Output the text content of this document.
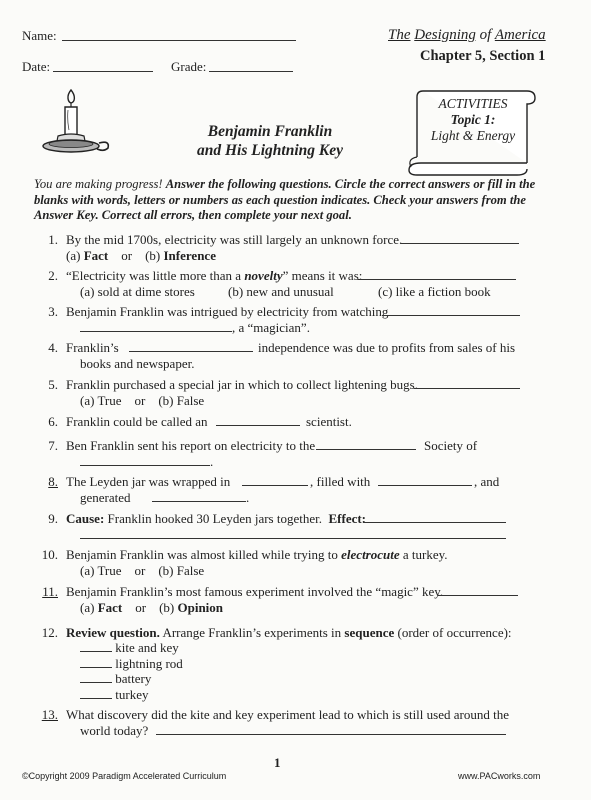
Name:
Date:	Grade:
The Designing of America
Chapter 5, Section 1
Benjamin Franklin
and His Lightning Key
ACTIVITIES
Topic 1:
Light & Energy
You are making progress! Answer the following questions. Circle the correct answers or fill in the blanks with words, letters or numbers as each question indicates. Check your answers from the Answer Key. Correct all errors, then complete your next goal.
1. By the mid 1700s, electricity was still largely an unknown force.
(a) Fact or (b) Inference
2. “Electricity was little more than a novelty” means it was:
(a) sold at dime stores	(b) new and unusual	(c) like a fiction book
3. Benjamin Franklin was intrigued by electricity from watching
, a “magician”.
4. Franklin’s	independence was due to profits from sales of his
books and newspaper.
5. Franklin purchased a special jar in which to collect lightening bugs.
(a) True    or    (b) False
6. Franklin could be called an	scientist.
7. Ben Franklin sent his report on electricity to the	Society of
.
8. The Leyden jar was wrapped in	, filled with	, and
generated	.
9. Cause: Franklin hooked 30 Leyden jars together. Effect:
10. Benjamin Franklin was almost killed while trying to electrocute a turkey.
(a) True    or    (b) False
11. Benjamin Franklin’s most famous experiment involved the “magic” key.
(a) Fact or (b) Opinion
12. Review question. Arrange Franklin’s experiments in sequence (order of occurrence):
kite and key
lightning rod
battery
turkey
13. What discovery did the kite and key experiment lead to which is still used around the
world today?
1
©Copyright 2009 Paradigm Accelerated Curriculum	www.PACworks.com
